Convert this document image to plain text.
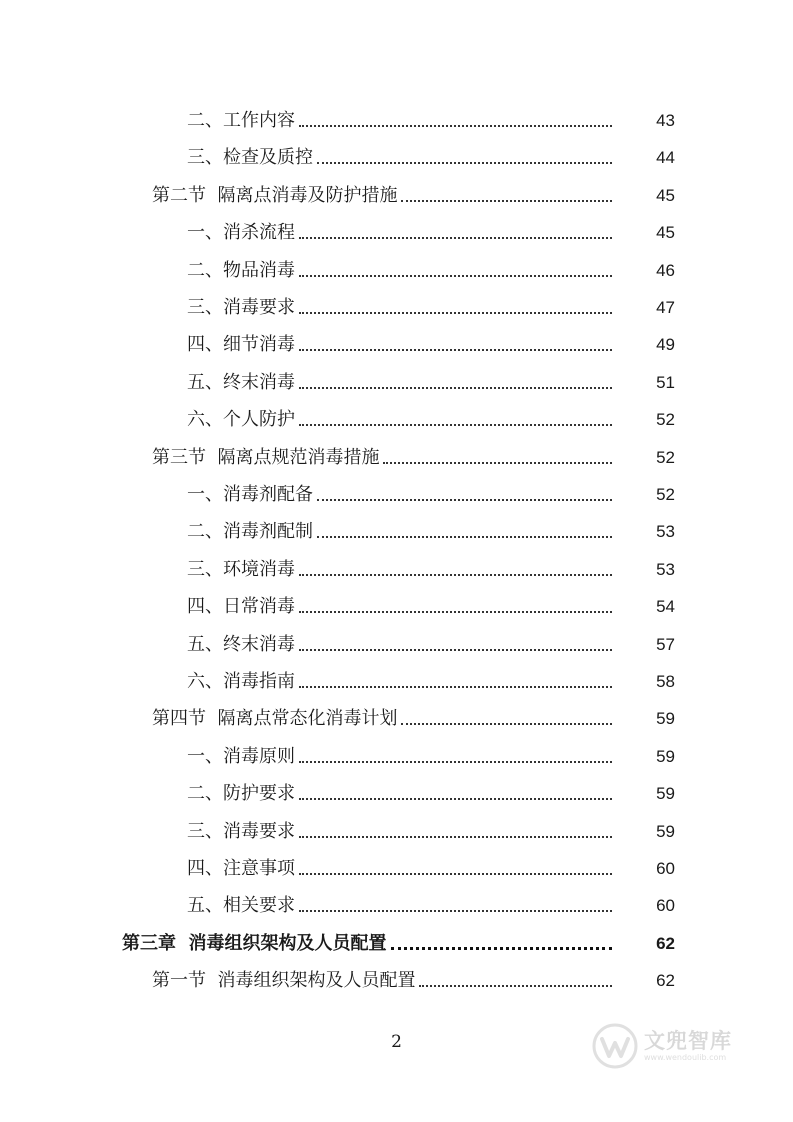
二、 工作内容	43
三、 检查及质控	44
第二节 隔离点消毒及防护措施	45
一、 消杀流程	45
二、 物品消毒	46
三、 消毒要求	47
四、 细节消毒	49
五、 终末消毒	51
六、 个人防护	52
第三节 隔离点规范消毒措施	52
一、 消毒剂配备	52
二、 消毒剂配制	53
三、 环境消毒	53
四、 日常消毒	54
五、 终末消毒	57
六、 消毒指南	58
第四节 隔离点常态化消毒计划	59
一、 消毒原则	59
二、 防护要求	59
三、 消毒要求	59
四、 注意事项	60
五、 相关要求	60
第三章 消毒组织架构及人员配置	62
第一节 消毒组织架构及人员配置	62
2	文兜智库
www.wendoulib.com
